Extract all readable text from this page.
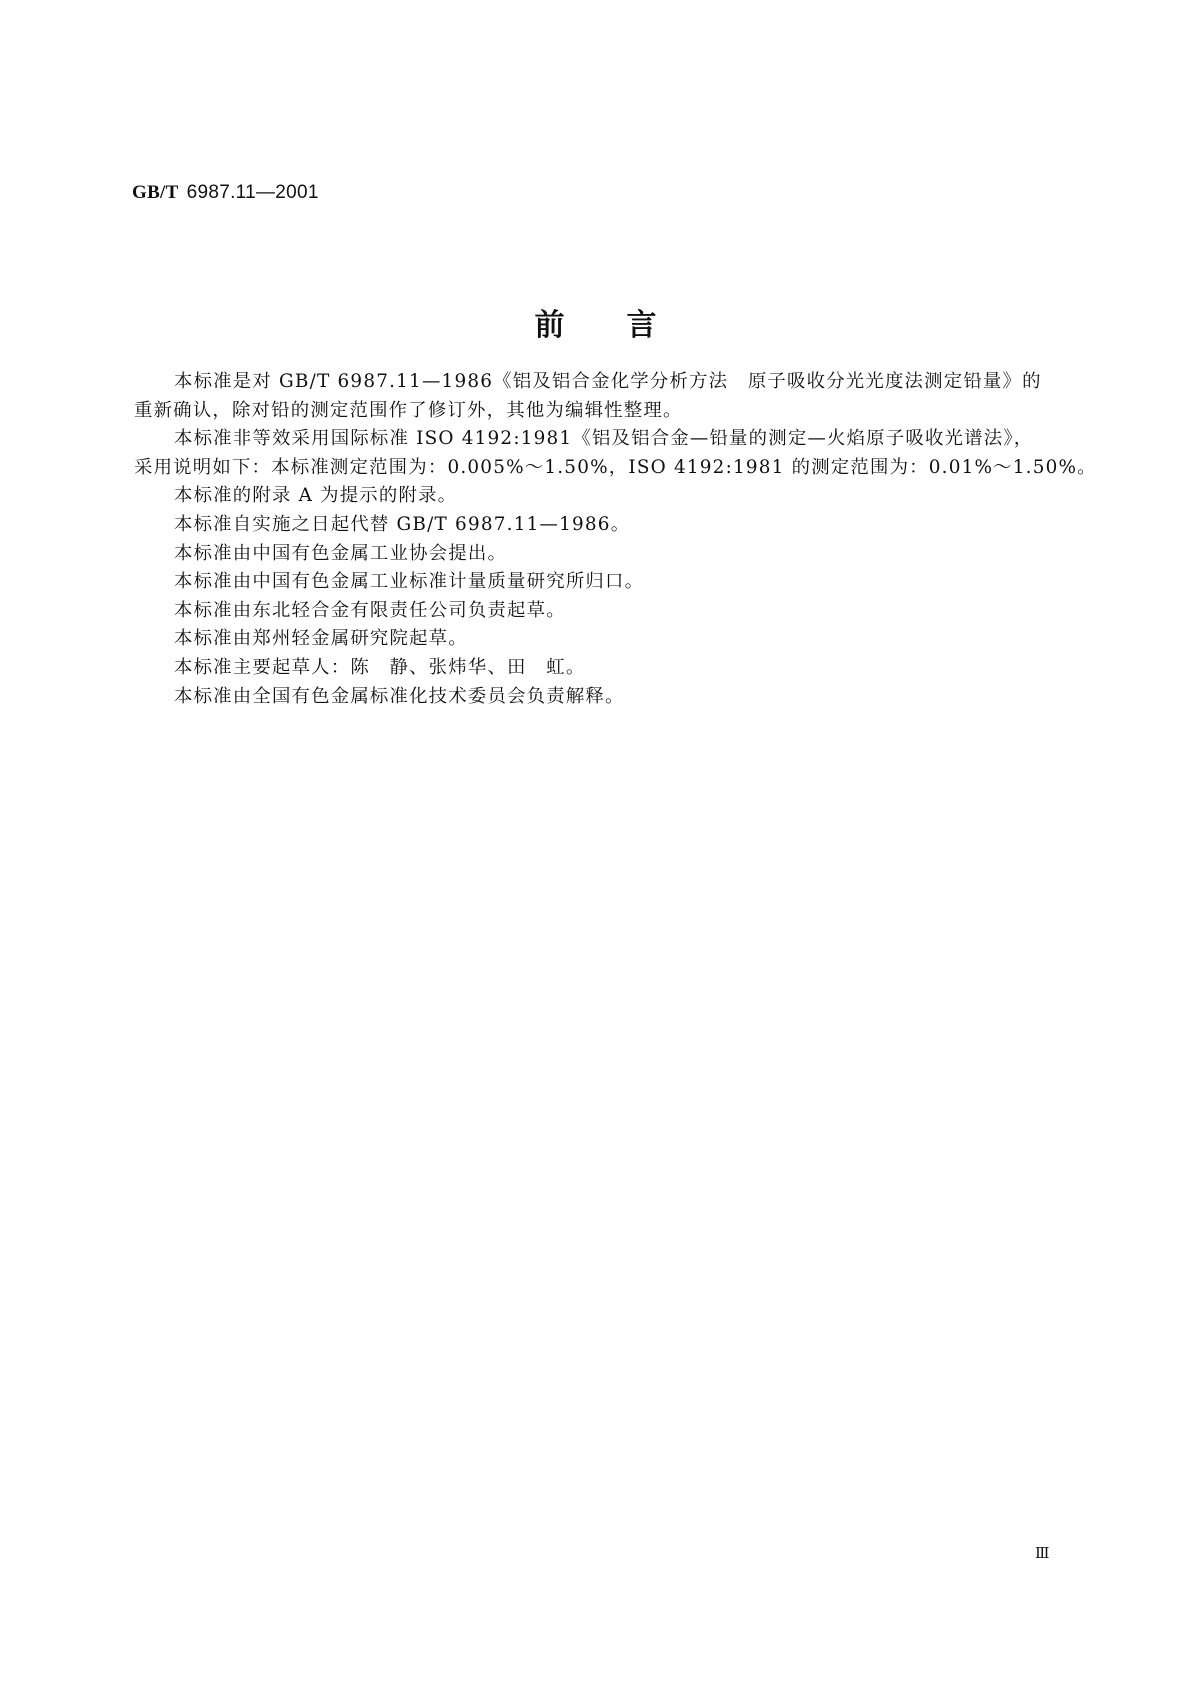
GB/T 6987.11—2001
前言
本标准是对 GB/T 6987.11—1986《铝及铝合金化学分析方法　原子吸收分光光度法测定铅量》的
重新确认，除对铅的测定范围作了修订外，其他为编辑性整理。
本标准非等效采用国际标准 ISO 4192:1981《铝及铝合金—铅量的测定—火焰原子吸收光谱法》，
采用说明如下：本标准测定范围为：0.005%～1.50%，ISO 4192:1981 的测定范围为：0.01%～1.50%。
本标准的附录 A 为提示的附录。
本标准自实施之日起代替 GB/T 6987.11—1986。
本标准由中国有色金属工业协会提出。
本标准由中国有色金属工业标准计量质量研究所归口。
本标准由东北轻合金有限责任公司负责起草。
本标准由郑州轻金属研究院起草。
本标准主要起草人：陈　静、张炜华、田　虹。
本标准由全国有色金属标准化技术委员会负责解释。
Ⅲ
